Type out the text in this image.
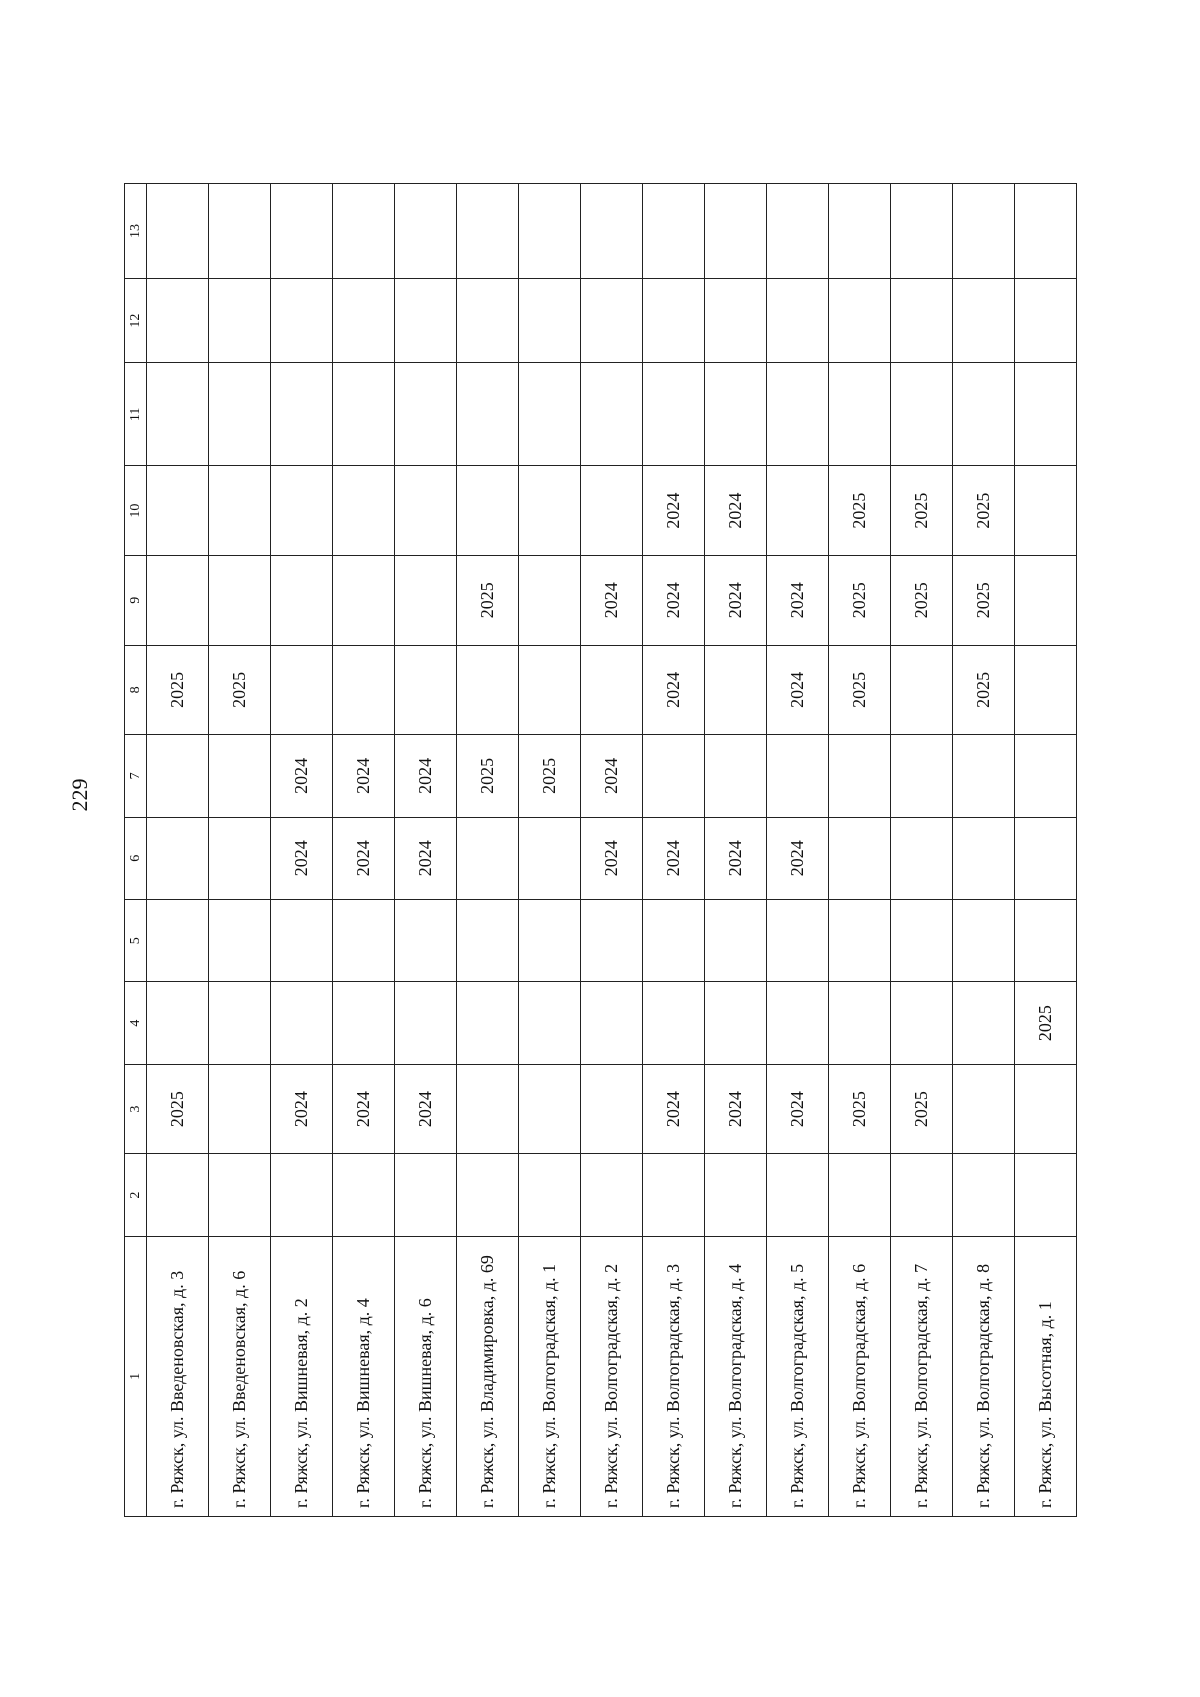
229
1	2	3	4	5	6	7	8	9	10	11	12	13

г. Ряжск, ул. Введеновская, д. 3		2025					2025					

г. Ряжск, ул. Введеновская, д. 6							2025					

г. Ряжск, ул. Вишневая, д. 2		2024			2024	2024						

г. Ряжск, ул. Вишневая, д. 4		2024			2024	2024						

г. Ряжск, ул. Вишневая, д. 6		2024			2024	2024						

г. Ряжск, ул. Владимировка, д. 69						2025		2025				

г. Ряжск, ул. Волгоградская, д. 1						2025						

г. Ряжск, ул. Волгоградская, д. 2					2024	2024		2024				

г. Ряжск, ул. Волгоградская, д. 3		2024			2024		2024	2024	2024			

г. Ряжск, ул. Волгоградская, д. 4		2024			2024			2024	2024			

г. Ряжск, ул. Волгоградская, д. 5		2024			2024		2024	2024				

г. Ряжск, ул. Волгоградская, д. 6		2025					2025	2025	2025			

г. Ряжск, ул. Волгоградская, д. 7		2025						2025	2025			

г. Ряжск, ул. Волгоградская, д. 8							2025	2025	2025			

г. Ряжск, ул. Высотная, д. 1			2025									
